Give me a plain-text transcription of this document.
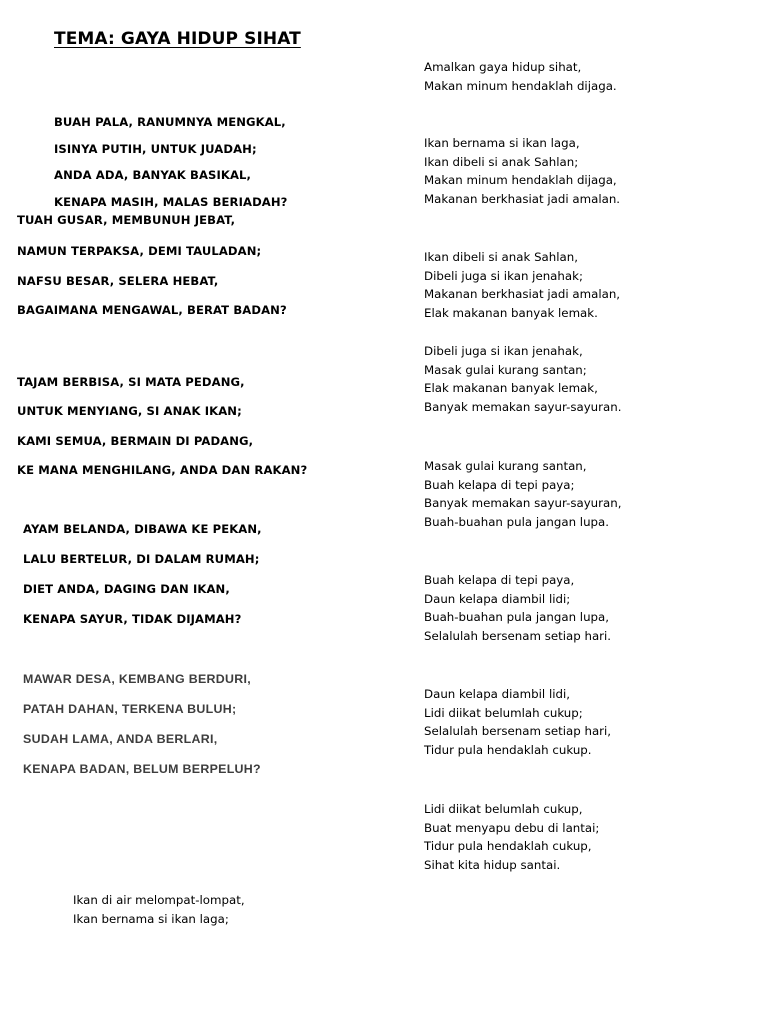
TEMA: GAYA HIDUP SIHAT
BUAH PALA, RANUMNYA MENGKAL,
ISINYA PUTIH, UNTUK JUADAH;
ANDA ADA, BANYAK BASIKAL,
KENAPA MASIH, MALAS BERIADAH?
TUAH GUSAR, MEMBUNUH JEBAT,
NAMUN TERPAKSA, DEMI TAULADAN;
NAFSU BESAR, SELERA HEBAT,
BAGAIMANA MENGAWAL, BERAT BADAN?
TAJAM BERBISA, SI MATA PEDANG,
UNTUK MENYIANG, SI ANAK IKAN;
KAMI SEMUA, BERMAIN DI PADANG,
KE MANA MENGHILANG, ANDA DAN RAKAN?
AYAM BELANDA, DIBAWA KE PEKAN,
LALU BERTELUR, DI DALAM RUMAH;
DIET ANDA, DAGING DAN IKAN,
KENAPA SAYUR, TIDAK DIJAMAH?
MAWAR DESA, KEMBANG BERDURI,
PATAH DAHAN, TERKENA BULUH;
SUDAH LAMA, ANDA BERLARI,
KENAPA BADAN, BELUM BERPELUH?
Ikan di air melompat-lompat,
Ikan bernama si ikan laga;
Amalkan gaya hidup sihat,
Makan minum hendaklah dijaga.
Ikan bernama si ikan laga,
Ikan dibeli si anak Sahlan;
Makan minum hendaklah dijaga,
Makanan berkhasiat jadi amalan.
Ikan dibeli si anak Sahlan,
Dibeli juga si ikan jenahak;
Makanan berkhasiat jadi amalan,
Elak makanan banyak lemak.
Dibeli juga si ikan jenahak,
Masak gulai kurang santan;
Elak makanan banyak lemak,
Banyak memakan sayur-sayuran.
Masak gulai kurang santan,
Buah kelapa di tepi paya;
Banyak memakan sayur-sayuran,
Buah-buahan pula jangan lupa.
Buah kelapa di tepi paya,
Daun kelapa diambil lidi;
Buah-buahan pula jangan lupa,
Selalulah bersenam setiap hari.
Daun kelapa diambil lidi,
Lidi diikat belumlah cukup;
Selalulah bersenam setiap hari,
Tidur pula hendaklah cukup.
Lidi diikat belumlah cukup,
Buat menyapu debu di lantai;
Tidur pula hendaklah cukup,
Sihat kita hidup santai.
